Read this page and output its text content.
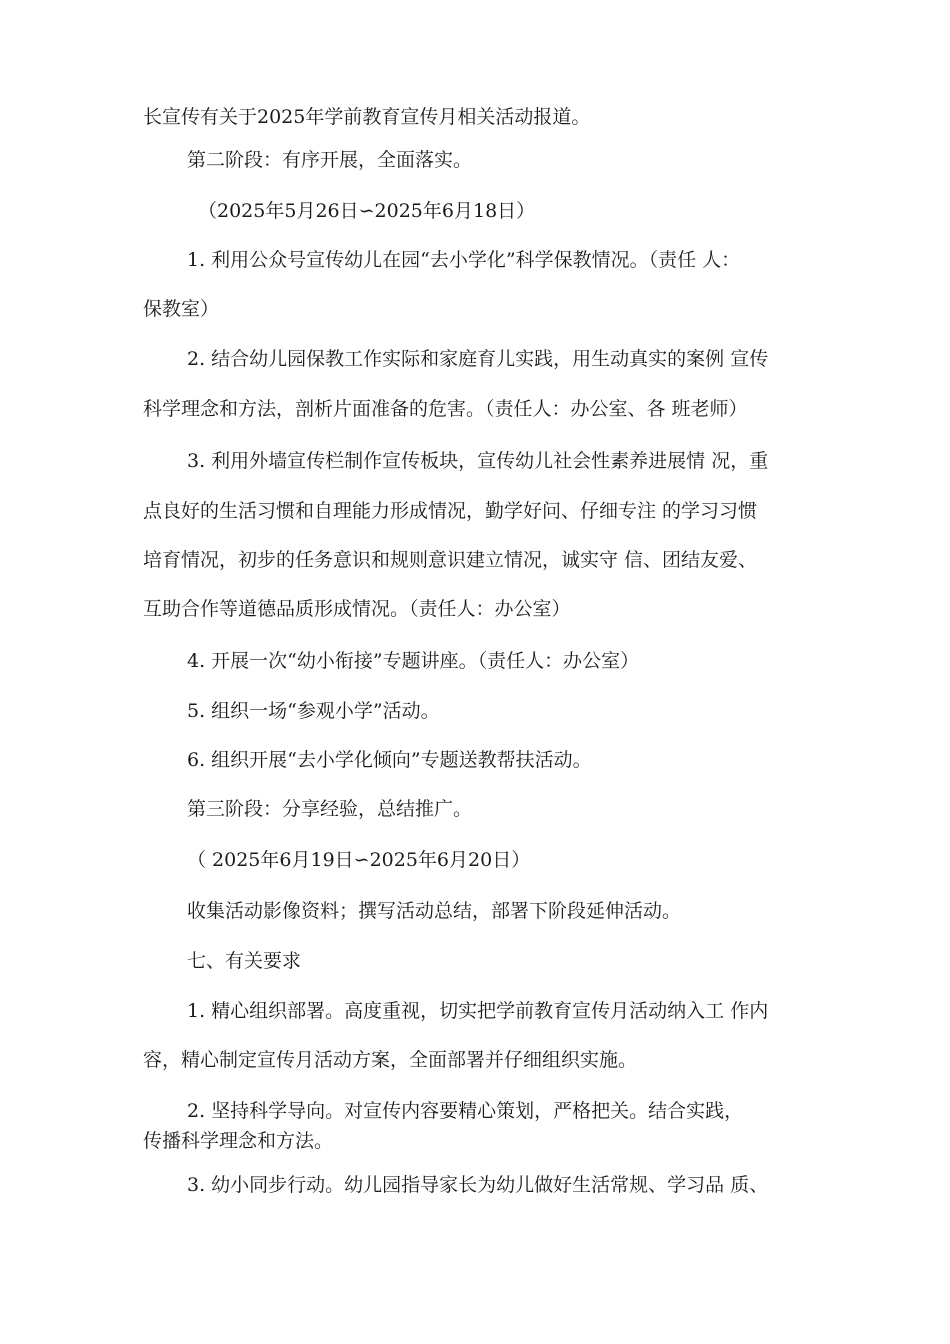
长宣传有关于2025年学前教育宣传月相关活动报道。
第二阶段：有序开展，全面落实。
（2025年5月26日∽2025年6月18日）
1. 利用公众号宣传幼儿在园“去小学化”科学保教情况。（责任 人：
保教室）
2. 结合幼儿园保教工作实际和家庭育儿实践，用生动真实的案例 宣传
科学理念和方法，剖析片面准备的危害。（责任人：办公室、各 班老师）
3. 利用外墙宣传栏制作宣传板块，宣传幼儿社会性素养进展情 况，重
点良好的生活习惯和自理能力形成情况，勤学好问、仔细专注 的学习习惯
培育情况，初步的任务意识和规则意识建立情况，诚实守 信、团结友爱、
互助合作等道德品质形成情况。（责任人：办公室）
4. 开展一次“幼小衔接”专题讲座。（责任人：办公室）
5. 组织一场“参观小学”活动。
6. 组织开展“去小学化倾向”专题送教帮扶活动。
第三阶段：分享经验，总结推广。
（ 2025年6月19日∽2025年6月20日）
收集活动影像资料；撰写活动总结，部署下阶段延伸活动。
七、有关要求
1. 精心组织部署。高度重视，切实把学前教育宣传月活动纳入工 作内
容，精心制定宣传月活动方案，全面部署并仔细组织实施。
2. 坚持科学导向。对宣传内容要精心策划，严格把关。结合实践，
传播科学理念和方法。
3. 幼小同步行动。幼儿园指导家长为幼儿做好生活常规、学习品 质、
